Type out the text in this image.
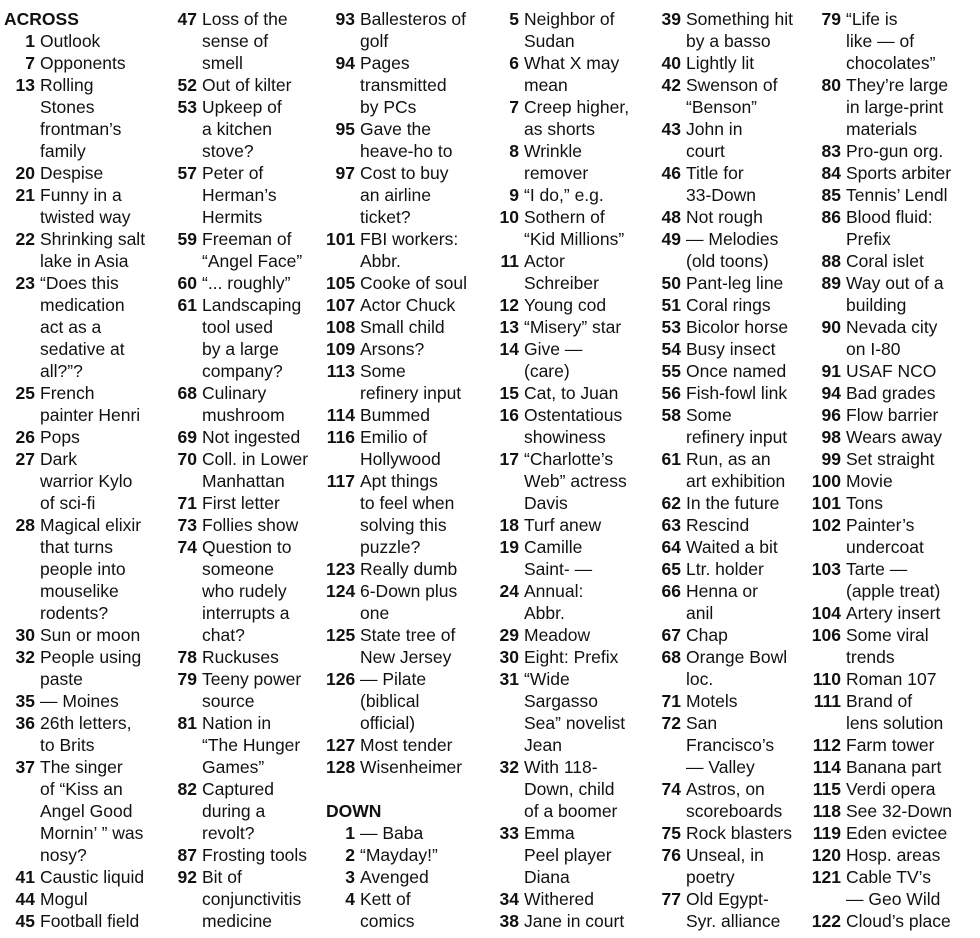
ACROSS
1 Outlook
7 Opponents
13 Rolling
Stones
frontman’s
family
20 Despise
21 Funny in a
twisted way
22 Shrinking salt
lake in Asia
23 “Does this
medication
act as a
sedative at
all?”?
25 French
painter Henri
26 Pops
27 Dark
warrior Kylo
of sci-fi
28 Magical elixir
that turns
people into
mouselike
rodents?
30 Sun or moon
32 People using
paste
35 — Moines
36 26th letters,
to Brits
37 The singer
of “Kiss an
Angel Good
Mornin’ ” was
nosy?
41 Caustic liquid
44 Mogul
45 Football field
47 Loss of the
sense of
smell
52 Out of kilter
53 Upkeep of
a kitchen
stove?
57 Peter of
Herman’s
Hermits
59 Freeman of
“Angel Face”
60 “... roughly”
61 Landscaping
tool used
by a large
company?
68 Culinary
mushroom
69 Not ingested
70 Coll. in Lower
Manhattan
71 First letter
73 Follies show
74 Question to
someone
who rudely
interrupts a
chat?
78 Ruckuses
79 Teeny power
source
81 Nation in
“The Hunger
Games”
82 Captured
during a
revolt?
87 Frosting tools
92 Bit of
conjunctivitis
medicine
93 Ballesteros of
golf
94 Pages
transmitted
by PCs
95 Gave the
heave-ho to
97 Cost to buy
an airline
ticket?
101 FBI workers:
Abbr.
105 Cooke of soul
107 Actor Chuck
108 Small child
109 Arsons?
113 Some
refinery input
114 Bummed
116 Emilio of
Hollywood
117 Apt things
to feel when
solving this
puzzle?
123 Really dumb
124 6-Down plus
one
125 State tree of
New Jersey
126 — Pilate
(biblical
official)
127 Most tender
128 Wisenheimer
DOWN
1 — Baba
2 “Mayday!”
3 Avenged
4 Kett of
comics
5 Neighbor of
Sudan
6 What X may
mean
7 Creep higher,
as shorts
8 Wrinkle
remover
9 “I do,” e.g.
10 Sothern of
“Kid Millions”
11 Actor
Schreiber
12 Young cod
13 “Misery” star
14 Give —
(care)
15 Cat, to Juan
16 Ostentatious
showiness
17 “Charlotte’s
Web” actress
Davis
18 Turf anew
19 Camille
Saint- —
24 Annual:
Abbr.
29 Meadow
30 Eight: Prefix
31 “Wide
Sargasso
Sea” novelist
Jean
32 With 118-
Down, child
of a boomer
33 Emma
Peel player
Diana
34 Withered
38 Jane in court
39 Something hit
by a basso
40 Lightly lit
42 Swenson of
“Benson”
43 John in
court
46 Title for
33-Down
48 Not rough
49 — Melodies
(old toons)
50 Pant-leg line
51 Coral rings
53 Bicolor horse
54 Busy insect
55 Once named
56 Fish-fowl link
58 Some
refinery input
61 Run, as an
art exhibition
62 In the future
63 Rescind
64 Waited a bit
65 Ltr. holder
66 Henna or
anil
67 Chap
68 Orange Bowl
loc.
71 Motels
72 San
Francisco’s
— Valley
74 Astros, on
scoreboards
75 Rock blasters
76 Unseal, in
poetry
77 Old Egypt-
Syr. alliance
79 “Life is
like — of
chocolates”
80 They’re large
in large-print
materials
83 Pro-gun org.
84 Sports arbiter
85 Tennis’ Lendl
86 Blood fluid:
Prefix
88 Coral islet
89 Way out of a
building
90 Nevada city
on I-80
91 USAF NCO
94 Bad grades
96 Flow barrier
98 Wears away
99 Set straight
100 Movie
101 Tons
102 Painter’s
undercoat
103 Tarte —
(apple treat)
104 Artery insert
106 Some viral
trends
110 Roman 107
111 Brand of
lens solution
112 Farm tower
114 Banana part
115 Verdi opera
118 See 32-Down
119 Eden evictee
120 Hosp. areas
121 Cable TV’s
— Geo Wild
122 Cloud’s place
